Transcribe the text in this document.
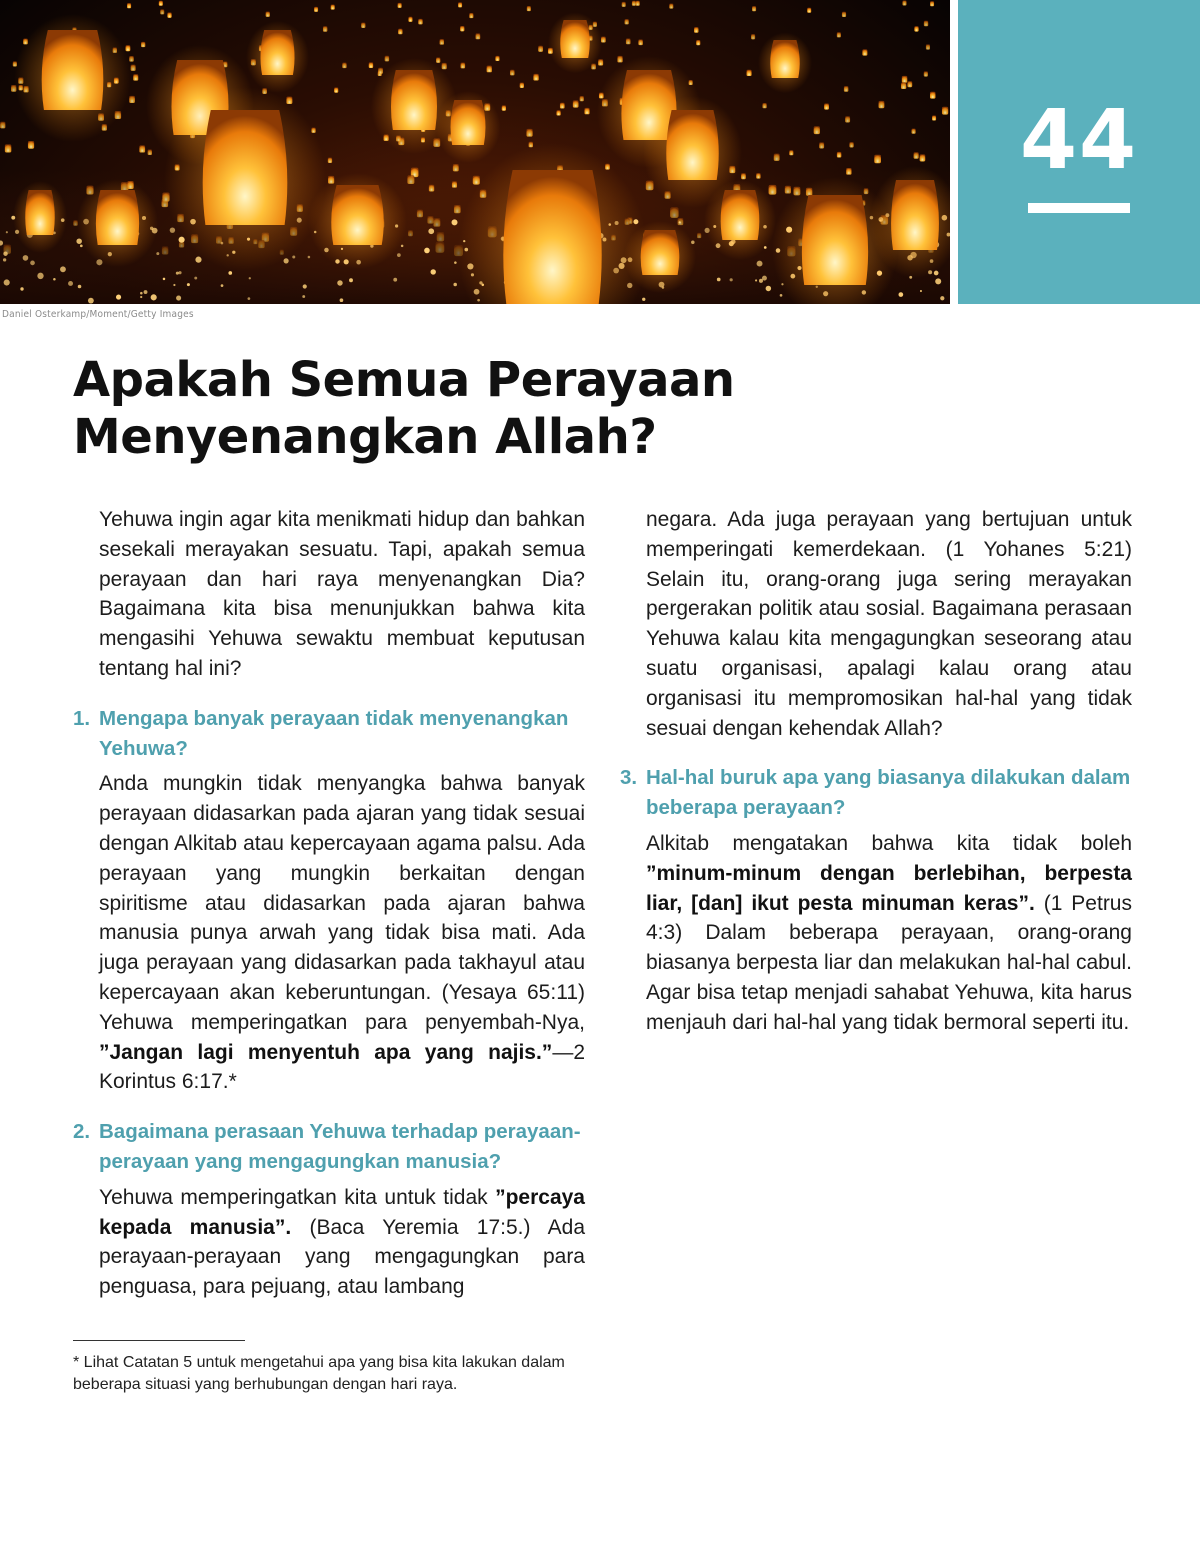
44
Daniel Osterkamp/Moment/Getty Images
Apakah Semua Perayaan
Menyenangkan Allah?

Yehuwa ingin agar kita menikmati hidup dan bahkan sesekali merayakan sesuatu. Tapi, apakah semua perayaan dan hari raya menyenangkan Dia? Bagaimana kita bisa menunjukkan bahwa kita mengasihi Yehuwa sewaktu membuat keputusan tentang hal ini?

1. Mengapa banyak perayaan tidak menyenangkan Yehuwa?

Anda mungkin tidak menyangka bahwa banyak perayaan didasarkan pada ajaran yang tidak sesuai dengan Alkitab atau kepercayaan agama palsu. Ada perayaan yang mungkin berkaitan dengan spiritisme atau didasarkan pada ajaran bahwa manusia punya arwah yang tidak bisa mati. Ada juga perayaan yang didasarkan pada takhayul atau kepercayaan akan keberuntungan. (Yesaya 65:11) Yehuwa memperingatkan para penyembah-Nya, ”Jangan lagi menyentuh apa yang najis.”—2 Korintus 6:17.*

2. Bagaimana perasaan Yehuwa terhadap perayaan-perayaan yang mengagungkan manusia?

Yehuwa memperingatkan kita untuk tidak ”percaya kepada manusia”. (Baca Yeremia 17:5.) Ada perayaan-perayaan yang mengagungkan para penguasa, para pejuang, atau lambang

negara. Ada juga perayaan yang bertujuan untuk memperingati kemerdekaan. (1 Yohanes 5:21) Selain itu, orang-orang juga sering merayakan pergerakan politik atau sosial. Bagaimana perasaan Yehuwa kalau kita mengagungkan seseorang atau suatu organisasi, apalagi kalau orang atau organisasi itu mempromosikan hal-hal yang tidak sesuai dengan kehendak Allah?

3. Hal-hal buruk apa yang biasanya dilakukan dalam beberapa perayaan?

Alkitab mengatakan bahwa kita tidak boleh ”minum-minum dengan berlebihan, berpesta liar, [dan] ikut pesta minuman keras”. (1 Petrus 4:3) Dalam beberapa perayaan, orang-orang biasanya berpesta liar dan melakukan hal-hal cabul. Agar bisa tetap menjadi sahabat Yehuwa, kita harus menjauh dari hal-hal yang tidak bermoral seperti itu.

* Lihat Catatan 5 untuk mengetahui apa yang bisa kita lakukan dalam beberapa situasi yang berhubungan dengan hari raya.
